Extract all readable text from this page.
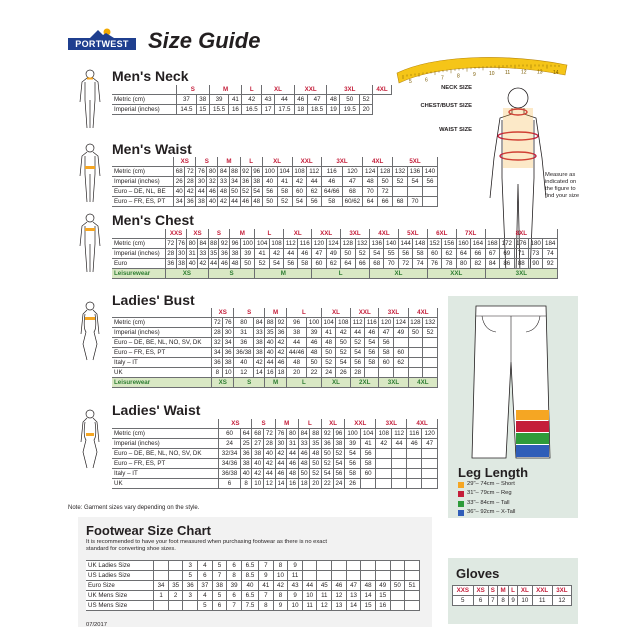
PORTWEST Size Guide
5	6	7	8	9	10 11 12 13 14
NECK SIZE
CHEST/BUST SIZE
WAIST SIZE
Measure as indicated on the figure to find your size
Men's Neck
	S		M		L	XL		XXL		3XL			4XL
Metric (cm)	37	38	39	41	42	43	44	46	47	48	50	52	
Imperial (inches)	14.5	15	15.5	16	16.5	17	17.5	18	18.5	19	19.5	20	
Men's Waist
	XS		S		M		L		XL		XXL		3XL		4XL		5XL		
Metric (cm)	68	72	76	80	84	88	92	96	100	104	108	112	116	120	124	128	132	136	140
Imperial (inches)	26	28	30	32	33	34	36	38	40	41	42	44	46	47	48	50	52	54	56
Euro – DE, NL, BE	40	42	44	46	48	50	52	54	56	58	60	62	64/66	68	70	72			
Euro – FR, ES, PT	34	36	38	40	42	44	46	48	50	52	54	56	58	60/62	64	66	68	70	
Men's Chest
	XXS		XS		S		M		L		XL		XXL		3XL		4XL		5XL		6XL		7XL		8XL				
Metric (cm)	72	76	80	84	88	92	96	100	104	108	112	116	120	124	128	132	136	140	144	148	152	156	160	164	168	172	176	180	184
Imperial (inches)	28	30	31	33	35	36	38	39	41	42	44	46	47	49	50	52	54	55	56	58	60	62	64	66	67	69	71	73	74
Euro	36	38	40	42	44	46	48	50	52	54	56	58	60	62	64	66	68	70	72	74	76	78	80	82	84	86	88	90	92
Leisurewear	XS				S				M				L				XL				XXL				3XL				
Ladies' Bust
	XS		S		M		L		XL		XXL		3XL		4XL	
Metric (cm)	72	76	80	84	88	92	96	100	104	108	112	116	120	124	128	132
Imperial (inches)	28	30	31	33	35	36	38	39	41	42	44	46	47	49	50	52
Euro – DE, BE, NL, NO, SV, DK	32	34	36	38	40	42	44	46	48	50	52	54	56			
Euro – FR, ES, PT	34	36	36/38	38	40	42	44/46	48	50	52	54	56	58	60		
Italy – IT	36	38	40	42	44	46	48	50	52	54	56	58	60	62		
UK	8	10	12	14	16	18	20	22	24	26	28					
Leisurewear	XS		S		M		L		XL		2XL		3XL		4XL	
Ladies' Waist
	XS		S		M		L		XL		XXL		3XL		4XL	
Metric (cm)	60	64	68	72	76	80	84	88	92	96	100	104	108	112	116	120
Imperial (inches)	24	25	27	28	30	31	33	35	36	38	39	41	42	44	46	47
Euro – DE, BE, NL, NO, SV, DK	32/34	36	38	40	42	44	46	48	50	52	54	56				
Euro – FR, ES, PT	34/36	38	40	42	44	46	48	50	52	54	56	58				
Italy – IT	36/38	40	42	44	46	48	50	52	54	56	58	60				
UK	6	8	10	12	14	16	18	20	22	24	26					
Note: Garment sizes vary depending on the style.
Footwear Size Chart
It is recommended to have your foot measured when purchasing footwear as there is no exact standard for converting shoe sizes.
UK Ladies Size			3	4	5	6	6.5	7	8	9								
US Ladies Size			5	6	7	8	8.5	9	10	11								
Euro Size	34	35	36	37	38	39	40	41	42	43	44	45	46	47	48	49	50	51
UK Mens Size	1	2	3	4	5	6	6.5	7	8	9	10	11	12	13	14	15		
US Mens Size				5	6	7	7.5	8	9	10	11	12	13	14	15	16		
07/2017
Leg Length
29"– 74cm – Short
31"– 79cm – Reg
33"– 84cm – Tall
36"– 92cm – X-Tall
Gloves
XXS	XS	S	M	L	XL	XXL	3XL
5	6	7	8	9	10	11	12
